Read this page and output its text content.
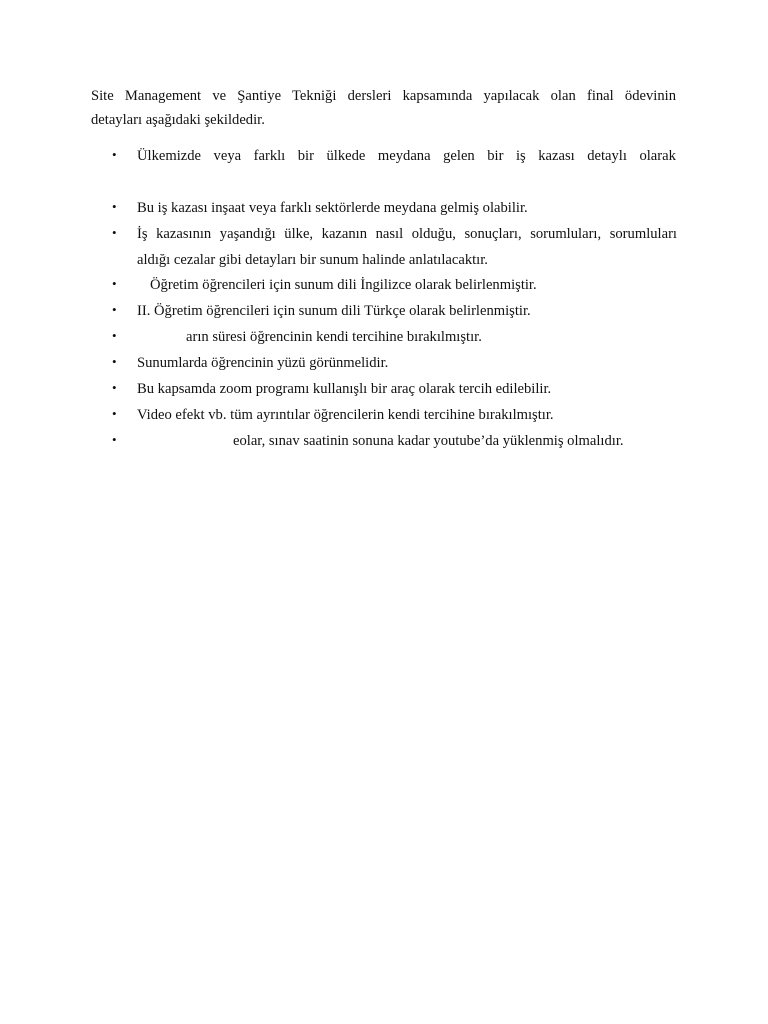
Site Management ve Şantiye Tekniği dersleri kapsamında yapılacak olan final ödevinin
detayları aşağıdaki şekildedir.
• Ülkemizde veya farklı bir ülkede meydana gelen bir iş kazası detaylı olarak
• Bu iş kazası inşaat veya farklı sektörlerde meydana gelmiş olabilir.
• İş kazasının yaşandığı ülke, kazanın nasıl olduğu, sonuçları, sorumluları, sorumluları
aldığı cezalar gibi detayları bir sunum halinde anlatılacaktır.
• Öğretim öğrencileri için sunum dili İngilizce olarak belirlenmiştir.
• II. Öğretim öğrencileri için sunum dili Türkçe olarak belirlenmiştir.
•	arın süresi öğrencinin kendi tercihine bırakılmıştır.
• Sunumlarda öğrencinin yüzü görünmelidir.
• Bu kapsamda zoom programı kullanışlı bir araç olarak tercih edilebilir.
• Video efekt vb. tüm ayrıntılar öğrencilerin kendi tercihine bırakılmıştır.
•	eolar, sınav saatinin sonuna kadar youtube’da yüklenmiş olmalıdır.
